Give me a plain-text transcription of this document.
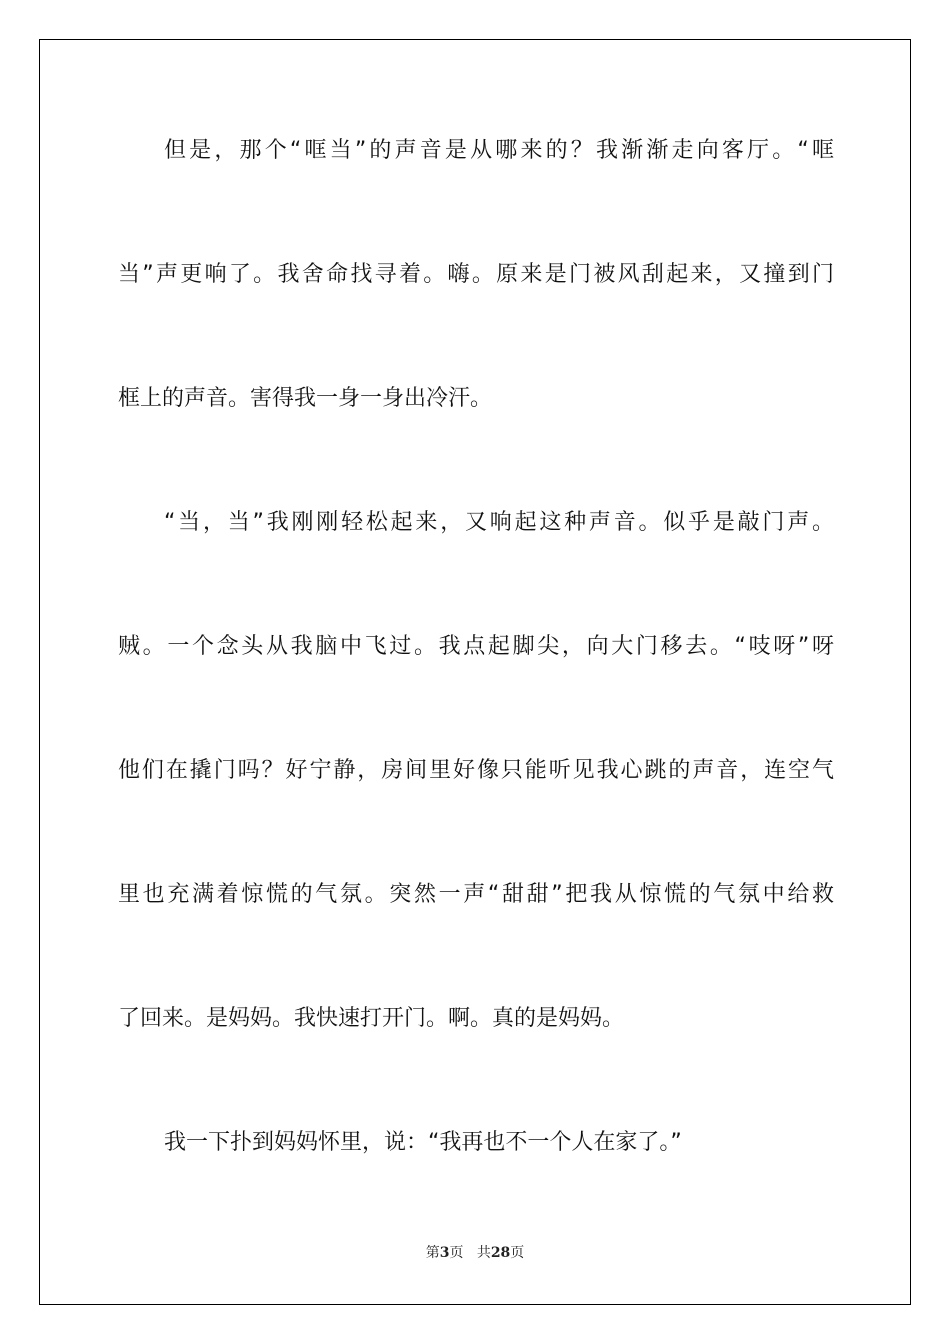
但是，那个“哐当”的声音是从哪来的？我渐渐走向客厅。“哐
当”声更响了。我舍命找寻着。嗨。原来是门被风刮起来，又撞到门
框上的声音。害得我一身一身出冷汗。
“当，当”我刚刚轻松起来，又响起这种声音。似乎是敲门声。
贼。一个念头从我脑中飞过。我点起脚尖，向大门移去。“吱呀”呀
他们在撬门吗？好宁静，房间里好像只能听见我心跳的声音，连空气
里也充满着惊慌的气氛。突然一声“甜甜”把我从惊慌的气氛中给救
了回来。是妈妈。我快速打开门。啊。真的是妈妈。
我一下扑到妈妈怀里，说：“我再也不一个人在家了。”
第3页 共28页
